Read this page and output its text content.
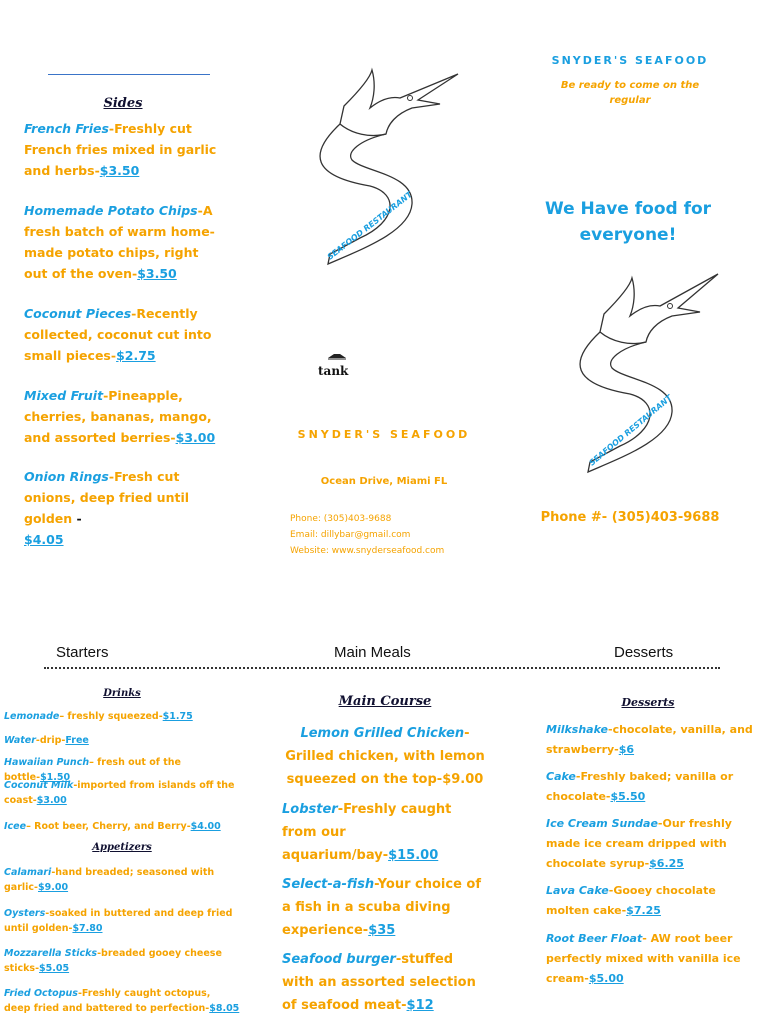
Sides
French Fries-Freshly cut French fries mixed in garlic and herbs-$3.50
Homemade Potato Chips-A fresh batch of warm home-made potato chips, right out of the oven-$3.50
Coconut Pieces-Recently collected, coconut cut into small pieces-$2.75
Mixed Fruit-Pineapple, cherries, bananas, mango, and assorted berries-$3.00
Onion Rings-Fresh cut onions, deep fried until golden -
$4.05
SEAFOOD RESTAURANT
SEAFOOD RESTAURANT
tank
SNYDER'S SEAFOOD
Ocean Drive, Miami FL
Phone: (305)403-9688
Email: dillybar@gmail.com
Website: www.snyderseafood.com
SNYDER'S SEAFOOD
Be ready to come on the regular
We Have food for everyone!
Phone #- (305)403-9688
Starters	Main Meals	Desserts
Drinks
Lemonade– freshly squeezed-$1.75
Water-drip-Free
Hawaiian Punch– fresh out of the bottle-$1.50
Coconut Milk-imported from islands off the coast-$3.00
Icee– Root beer, Cherry, and Berry-$4.00
Appetizers
Calamari-hand breaded; seasoned with garlic-$9.00
Oysters-soaked in buttered and deep fried until golden-$7.80
Mozzarella Sticks-breaded gooey cheese sticks-$5.05
Fried Octopus-Freshly caught octopus, deep fried and battered to perfection-$8.05
Main Course
Lemon Grilled Chicken-Grilled chicken, with lemon squeezed on the top-$9.00
Lobster-Freshly caught from our aquarium/bay-$15.00
Select-a-fish-Your choice of a fish in a scuba diving experience-$35
Seafood burger-stuffed with an assorted selection of seafood meat-$12
Desserts
Milkshake-chocolate, vanilla, and strawberry-$6
Cake-Freshly baked; vanilla or chocolate-$5.50
Ice Cream Sundae-Our freshly made ice cream dripped with chocolate syrup-$6.25
Lava Cake-Gooey chocolate molten cake-$7.25
Root Beer Float- AW root beer perfectly mixed with vanilla ice cream-$5.00
